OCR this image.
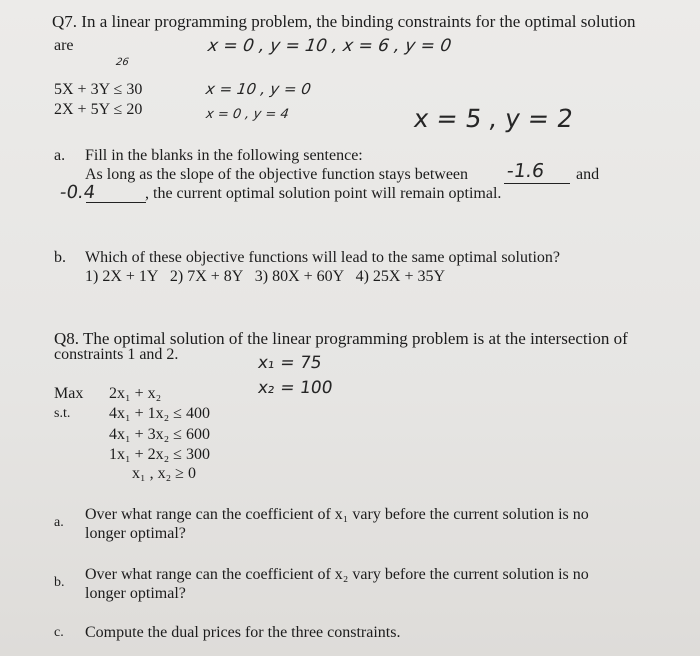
Q7. In a linear programming problem, the binding constraints for the optimal solution
are	x = 0 , y = 10 , x = 6 , y = 0
26
5X + 3Y ≤ 30
2X + 5Y ≤ 20
x = 10 , y = 0
x = 0 , y = 4	x = 5 , y = 2
a. Fill in the blanks in the following sentence:
As long as the slope of the objective function stays between -1.6 and
-0.4	, the current optimal solution point will remain optimal.
b. Which of these objective functions will lead to the same optimal solution?
1) 2X + 1Y   2) 7X + 8Y   3) 80X + 60Y   4) 25X + 35Y
Q8. The optimal solution of the linear programming problem is at the intersection of
constraints 1 and 2.	x₁ = 75
x₂ = 100
Max 2x₁ + x₂
s.t. 4x₁ + 1x₂ ≤ 400
4x₁ + 3x₂ ≤ 600
1x₁ + 2x₂ ≤ 300
x₁ , x₂ ≥ 0
a. Over what range can the coefficient of x₁ vary before the current solution is no
longer optimal?
b. Over what range can the coefficient of x₂ vary before the current solution is no
longer optimal?
c. Compute the dual prices for the three constraints.
